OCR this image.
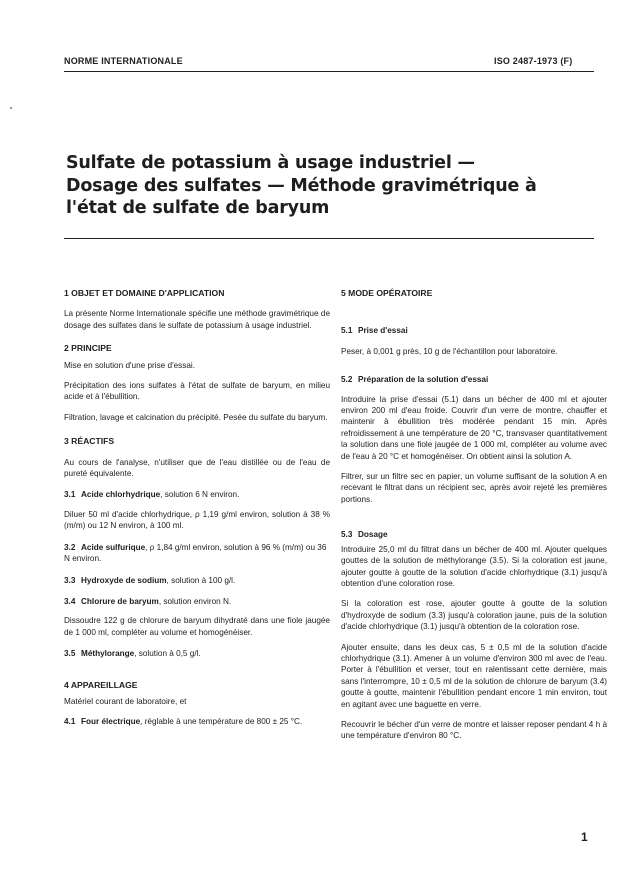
NORME INTERNATIONALE	ISO 2487-1973 (F)
Sulfate de potassium à usage industriel — Dosage des sulfates — Méthode gravimétrique à l'état de sulfate de baryum
1 OBJET ET DOMAINE D'APPLICATION

La présente Norme Internationale spécifie une méthode gravimétrique de dosage des sulfates dans le sulfate de potassium à usage industriel.

2 PRINCIPE

Mise en solution d'une prise d'essai.

Précipitation des ions sulfates à l'état de sulfate de baryum, en milieu acide et à l'ébullition.

Filtration, lavage et calcination du précipité. Pesée du sulfate du baryum.

3 RÉACTIFS

Au cours de l'analyse, n'utiliser que de l'eau distillée ou de l'eau de pureté équivalente.

3.1 Acide chlorhydrique, solution 6 N environ.

Diluer 50 ml d'acide chlorhydrique, ρ 1,19 g/ml environ, solution à 38 % (m/m) ou 12 N environ, à 100 ml.

3.2 Acide sulfurique, ρ 1,84 g/ml environ, solution à 96 % (m/m) ou 36 N environ.
3.3 Hydroxyde de sodium, solution à 100 g/l.
3.4 Chlorure de baryum, solution environ N.

Dissoudre 122 g de chlorure de baryum dihydraté dans une fiole jaugée de 1 000 ml, compléter au volume et homogénéiser.

3.5 Méthylorange, solution à 0,5 g/l.
4 APPAREILLAGE

Matériel courant de laboratoire, et

4.1 Four électrique, réglable à une température de 800 ± 25 °C.

5 MODE OPÉRATOIRE
5.1 Prise d'essai

Peser, à 0,001 g près, 10 g de l'échantillon pour laboratoire.

5.2 Préparation de la solution d'essai

Introduire la prise d'essai (5.1) dans un bécher de 400 ml et ajouter environ 200 ml d'eau froide. Couvrir d'un verre de montre, chauffer et maintenir à ébullition très modérée pendant 15 min. Après refroidissement à une température de 20 °C, transvaser quantitativement la solution dans une fiole jaugée de 1 000 ml, compléter au volume avec de l'eau à 20 °C et homogénéiser. On obtient ainsi la solution A.

Filtrer, sur un filtre sec en papier, un volume suffisant de la solution A en recevant le filtrat dans un récipient sec, après avoir rejeté les premières portions.

5.3 Dosage

Introduire 25,0 ml du filtrat dans un bécher de 400 ml. Ajouter quelques gouttes de la solution de méthylorange (3.5). Si la coloration est jaune, ajouter goutte à goutte de la solution d'acide chlorhydrique (3.1) jusqu'à obtention d'une coloration rose.

Si la coloration est rose, ajouter goutte à goutte de la solution d'hydroxyde de sodium (3.3) jusqu'à coloration jaune, puis de la solution d'acide chlorhydrique (3.1) jusqu'à obtention de la coloration rose.

Ajouter ensuite, dans les deux cas, 5 ± 0,5 ml de la solution d'acide chlorhydrique (3.1). Amener à un volume d'environ 300 ml avec de l'eau. Porter à l'ébullition et verser, tout en ralentissant cette dernière, mais sans l'interrompre, 10 ± 0,5 ml de la solution de chlorure de baryum (3.4) goutte à goutte, maintenir l'ébullition pendant encore 1 min environ, tout en agitant avec une baguette en verre.

Recouvrir le bécher d'un verre de montre et laisser reposer pendant 4 h à une température d'environ 80 °C.

1
